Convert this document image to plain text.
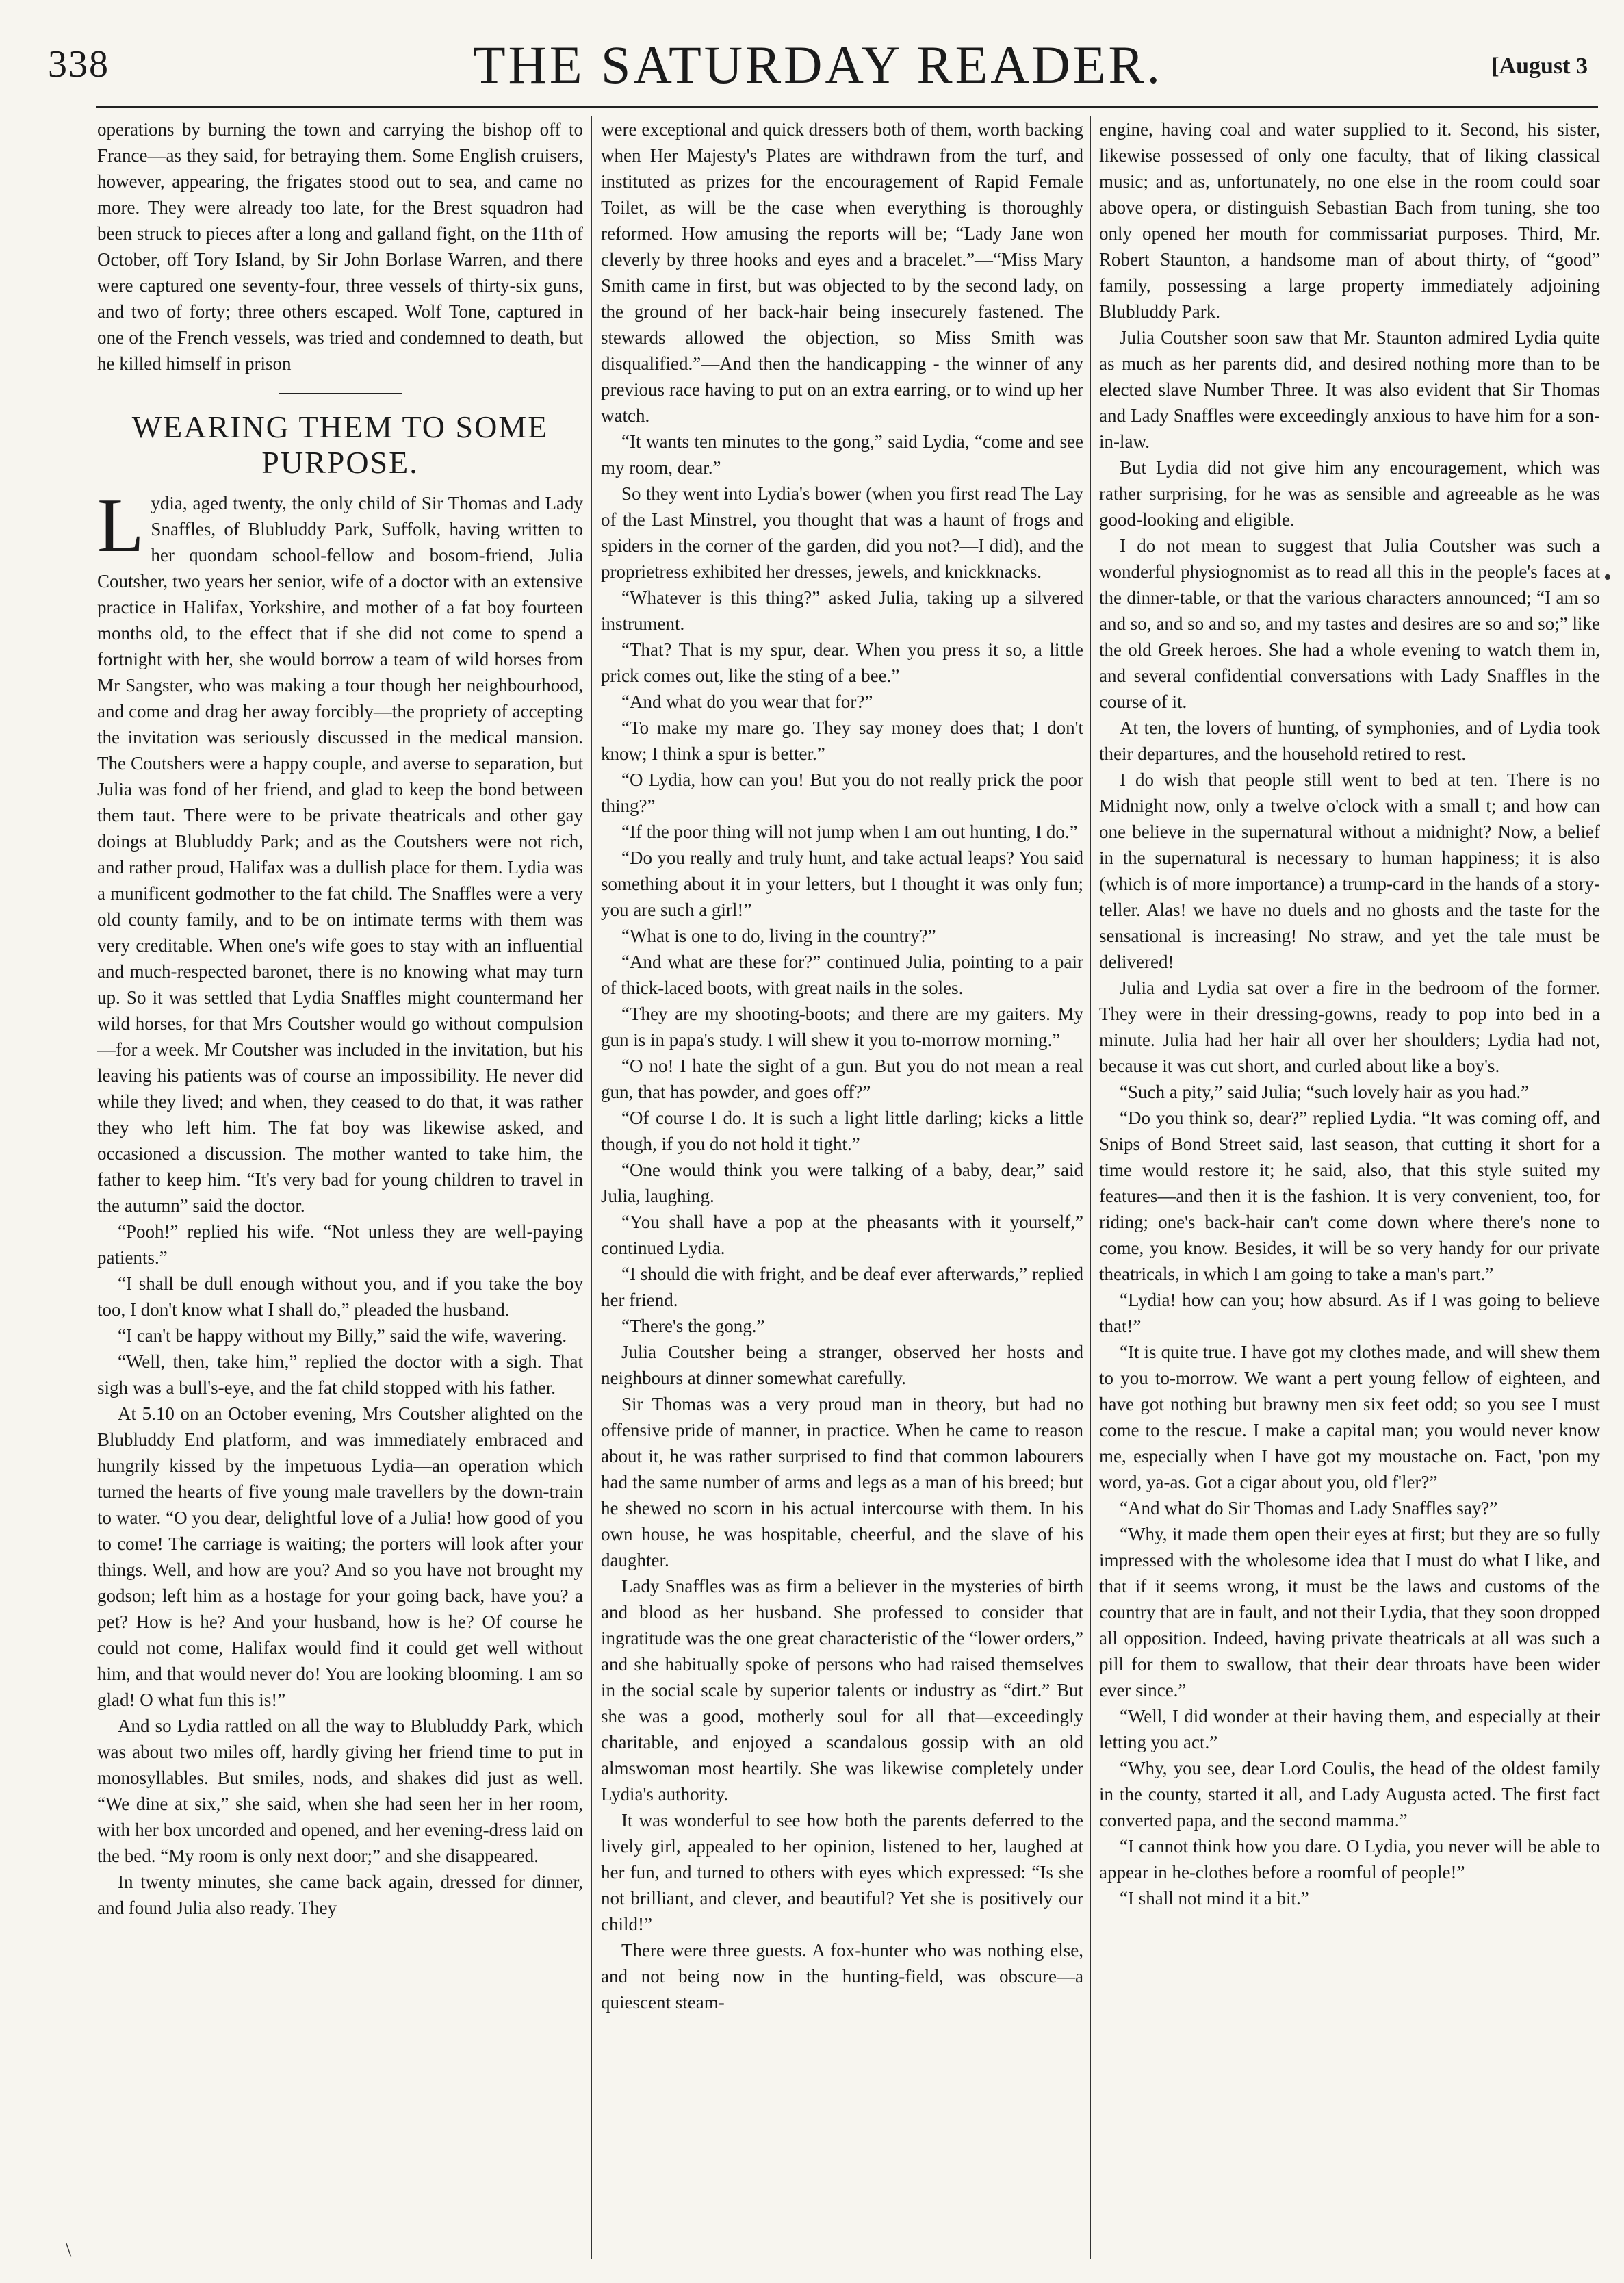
338	THE SATURDAY READER.	[August 3

operations by burning the town and carrying the bishop off to France—as they said, for betraying them. Some English cruisers, however, appearing, the frigates stood out to sea, and came no more. They were already too late, for the Brest squadron had been struck to pieces after a long and galland fight, on the 11th of October, off Tory Island, by Sir John Borlase Warren, and there were captured one seventy-four, three vessels of thirty-six guns, and two of forty; three others escaped. Wolf Tone, captured in one of the French vessels, was tried and condemned to death, but he killed himself in prison

WEARING THEM TO SOME PURPOSE.

Lydia, aged twenty, the only child of Sir Thomas and Lady Snaffles, of Blubluddy Park, Suffolk, having written to her quondam school-fellow and bosom-friend, Julia Coutsher, two years her senior, wife of a doctor with an extensive practice in Halifax, Yorkshire, and mother of a fat boy fourteen months old, to the effect that if she did not come to spend a fortnight with her, she would borrow a team of wild horses from Mr Sangster, who was making a tour though her neighbourhood, and come and drag her away forcibly—the propriety of accepting the invitation was seriously discussed in the medical mansion. The Coutshers were a happy couple, and averse to separation, but Julia was fond of her friend, and glad to keep the bond between them taut. There were to be private theatricals and other gay doings at Blubluddy Park; and as the Coutshers were not rich, and rather proud, Halifax was a dullish place for them. Lydia was a munificent godmother to the fat child. The Snaffles were a very old county family, and to be on intimate terms with them was very creditable. When one's wife goes to stay with an influential and much-respected baronet, there is no knowing what may turn up. So it was settled that Lydia Snaffles might countermand her wild horses, for that Mrs Coutsher would go without compulsion—for a week. Mr Coutsher was included in the invitation, but his leaving his patients was of course an impossibility. He never did while they lived; and when, they ceased to do that, it was rather they who left him. The fat boy was likewise asked, and occasioned a discussion. The mother wanted to take him, the father to keep him. “It's very bad for young children to travel in the autumn” said the doctor.

“Pooh!” replied his wife. “Not unless they are well-paying patients.”

“I shall be dull enough without you, and if you take the boy too, I don't know what I shall do,” pleaded the husband.

“I can't be happy without my Billy,” said the wife, wavering.

“Well, then, take him,” replied the doctor with a sigh. That sigh was a bull's-eye, and the fat child stopped with his father.

At 5.10 on an October evening, Mrs Coutsher alighted on the Blubluddy End platform, and was immediately embraced and hungrily kissed by the impetuous Lydia—an operation which turned the hearts of five young male travellers by the down-train to water. “O you dear, delightful love of a Julia! how good of you to come! The carriage is waiting; the porters will look after your things. Well, and how are you? And so you have not brought my godson; left him as a hostage for your going back, have you? a pet? How is he? And your husband, how is he? Of course he could not come, Halifax would find it could get well without him, and that would never do! You are looking blooming. I am so glad! O what fun this is!”

And so Lydia rattled on all the way to Blubluddy Park, which was about two miles off, hardly giving her friend time to put in monosyllables. But smiles, nods, and shakes did just as well. “We dine at six,” she said, when she had seen her in her room, with her box uncorded and opened, and her evening-dress laid on the bed. “My room is only next door;” and she disappeared.

In twenty minutes, she came back again, dressed for dinner, and found Julia also ready. They

were exceptional and quick dressers both of them, worth backing when Her Majesty's Plates are withdrawn from the turf, and instituted as prizes for the encouragement of Rapid Female Toilet, as will be the case when everything is thoroughly reformed. How amusing the reports will be; “Lady Jane won cleverly by three hooks and eyes and a bracelet.”—“Miss Mary Smith came in first, but was objected to by the second lady, on the ground of her back-hair being insecurely fastened. The stewards allowed the objection, so Miss Smith was disqualified.”—And then the handicapping - the winner of any previous race having to put on an extra earring, or to wind up her watch.

“It wants ten minutes to the gong,” said Lydia, “come and see my room, dear.”

So they went into Lydia's bower (when you first read The Lay of the Last Minstrel, you thought that was a haunt of frogs and spiders in the corner of the garden, did you not?—I did), and the proprietress exhibited her dresses, jewels, and knickknacks.

“Whatever is this thing?” asked Julia, taking up a silvered instrument.

“That? That is my spur, dear. When you press it so, a little prick comes out, like the sting of a bee.”

“And what do you wear that for?”

“To make my mare go. They say money does that; I don't know; I think a spur is better.”

“O Lydia, how can you! But you do not really prick the poor thing?”

“If the poor thing will not jump when I am out hunting, I do.”

“Do you really and truly hunt, and take actual leaps? You said something about it in your letters, but I thought it was only fun; you are such a girl!”

“What is one to do, living in the country?”

“And what are these for?” continued Julia, pointing to a pair of thick-laced boots, with great nails in the soles.

“They are my shooting-boots; and there are my gaiters. My gun is in papa's study. I will shew it you to-morrow morning.”

“O no! I hate the sight of a gun. But you do not mean a real gun, that has powder, and goes off?”

“Of course I do. It is such a light little darling; kicks a little though, if you do not hold it tight.”

“One would think you were talking of a baby, dear,” said Julia, laughing.

“You shall have a pop at the pheasants with it yourself,” continued Lydia.

“I should die with fright, and be deaf ever afterwards,” replied her friend.

“There's the gong.”

Julia Coutsher being a stranger, observed her hosts and neighbours at dinner somewhat carefully.

Sir Thomas was a very proud man in theory, but had no offensive pride of manner, in practice. When he came to reason about it, he was rather surprised to find that common labourers had the same number of arms and legs as a man of his breed; but he shewed no scorn in his actual intercourse with them. In his own house, he was hospitable, cheerful, and the slave of his daughter.

Lady Snaffles was as firm a believer in the mysteries of birth and blood as her husband. She professed to consider that ingratitude was the one great characteristic of the “lower orders,” and she habitually spoke of persons who had raised themselves in the social scale by superior talents or industry as “dirt.” But she was a good, motherly soul for all that—exceedingly charitable, and enjoyed a scandalous gossip with an old almswoman most heartily. She was likewise completely under Lydia's authority.

It was wonderful to see how both the parents deferred to the lively girl, appealed to her opinion, listened to her, laughed at her fun, and turned to others with eyes which expressed: “Is she not brilliant, and clever, and beautiful? Yet she is positively our child!”

There were three guests. A fox-hunter who was nothing else, and not being now in the hunting-field, was obscure—a quiescent steam-

engine, having coal and water supplied to it. Second, his sister, likewise possessed of only one faculty, that of liking classical music; and as, unfortunately, no one else in the room could soar above opera, or distinguish Sebastian Bach from tuning, she too only opened her mouth for commissariat purposes. Third, Mr. Robert Staunton, a handsome man of about thirty, of “good” family, possessing a large property immediately adjoining Blubluddy Park.

Julia Coutsher soon saw that Mr. Staunton admired Lydia quite as much as her parents did, and desired nothing more than to be elected slave Number Three. It was also evident that Sir Thomas and Lady Snaffles were exceedingly anxious to have him for a son-in-law.

But Lydia did not give him any encouragement, which was rather surprising, for he was as sensible and agreeable as he was good-looking and eligible.

I do not mean to suggest that Julia Coutsher was such a wonderful physiognomist as to read all this in the people's faces at the dinner-table, or that the various characters announced; “I am so and so, and so and so, and my tastes and desires are so and so;” like the old Greek heroes. She had a whole evening to watch them in, and several confidential conversations with Lady Snaffles in the course of it.

At ten, the lovers of hunting, of symphonies, and of Lydia took their departures, and the household retired to rest.

I do wish that people still went to bed at ten. There is no Midnight now, only a twelve o'clock with a small t; and how can one believe in the supernatural without a midnight? Now, a belief in the supernatural is necessary to human happiness; it is also (which is of more importance) a trump-card in the hands of a story-teller. Alas! we have no duels and no ghosts and the taste for the sensational is increasing! No straw, and yet the tale must be delivered!

Julia and Lydia sat over a fire in the bedroom of the former. They were in their dressing-gowns, ready to pop into bed in a minute. Julia had her hair all over her shoulders; Lydia had not, because it was cut short, and curled about like a boy's.

“Such a pity,” said Julia; “such lovely hair as you had.”

“Do you think so, dear?” replied Lydia. “It was coming off, and Snips of Bond Street said, last season, that cutting it short for a time would restore it; he said, also, that this style suited my features—and then it is the fashion. It is very convenient, too, for riding; one's back-hair can't come down where there's none to come, you know. Besides, it will be so very handy for our private theatricals, in which I am going to take a man's part.”

“Lydia! how can you; how absurd. As if I was going to believe that!”

“It is quite true. I have got my clothes made, and will shew them to you to-morrow. We want a pert young fellow of eighteen, and have got nothing but brawny men six feet odd; so you see I must come to the rescue. I make a capital man; you would never know me, especially when I have got my moustache on. Fact, 'pon my word, ya-as. Got a cigar about you, old f'ler?”

“And what do Sir Thomas and Lady Snaffles say?”

“Why, it made them open their eyes at first; but they are so fully impressed with the wholesome idea that I must do what I like, and that if it seems wrong, it must be the laws and customs of the country that are in fault, and not their Lydia, that they soon dropped all opposition. Indeed, having private theatricals at all was such a pill for them to swallow, that their dear throats have been wider ever since.”

“Well, I did wonder at their having them, and especially at their letting you act.”

“Why, you see, dear Lord Coulis, the head of the oldest family in the county, started it all, and Lady Augusta acted. The first fact converted papa, and the second mamma.”

“I cannot think how you dare. O Lydia, you never will be able to appear in he-clothes before a roomful of people!”

“I shall not mind it a bit.”

•
\
